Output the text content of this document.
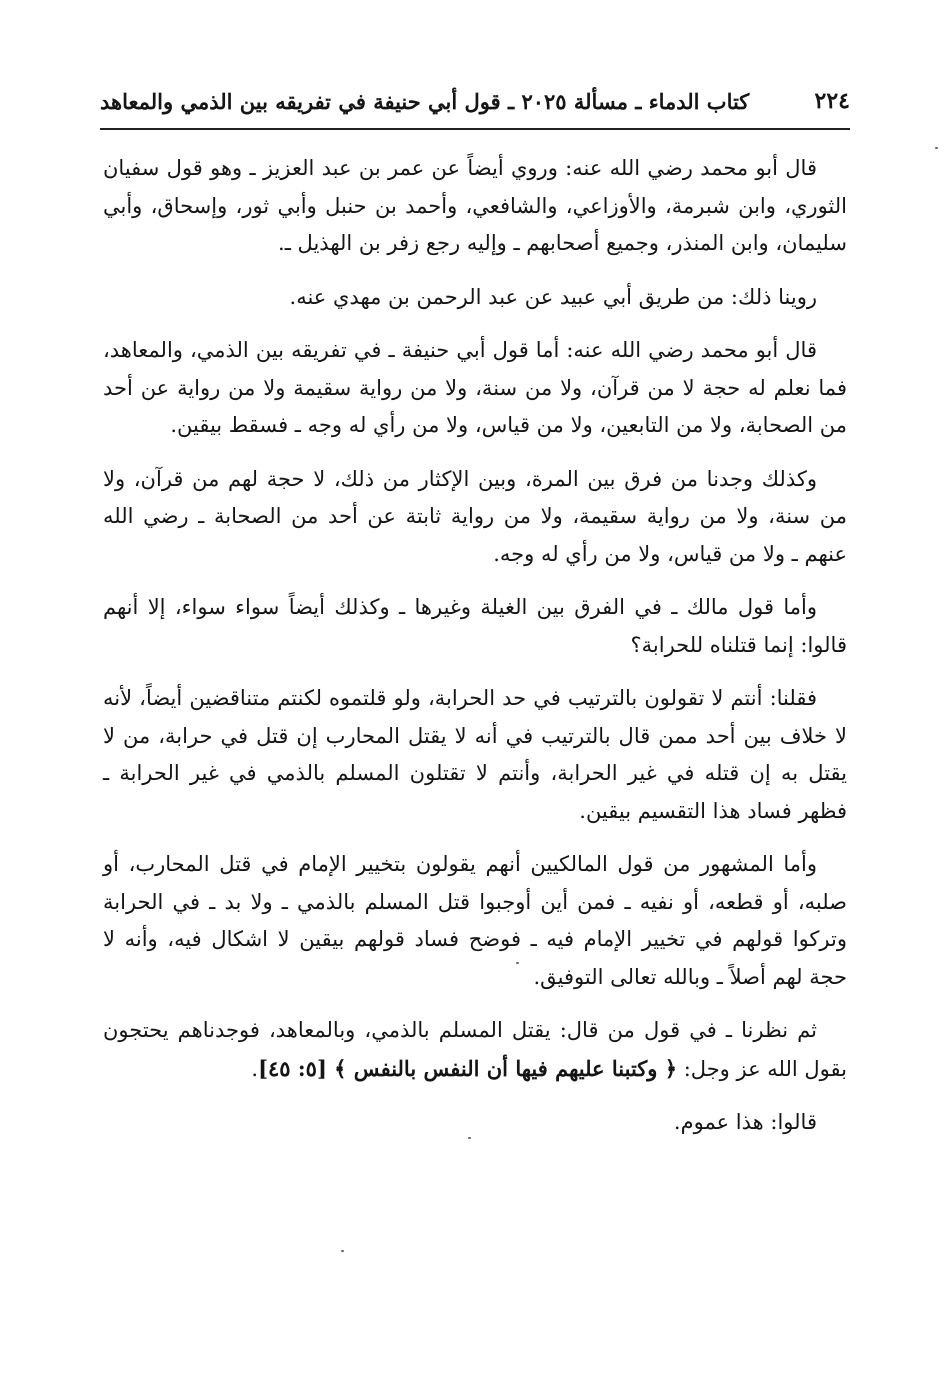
٢٢٤
كتاب الدماء ـ مسألة ٢٠٢٥ ـ قول أبي حنيفة في تفريقه بين الذمي والمعاهد

قال أبو محمد رضي الله عنه: وروي أيضاً عن عمر بن عبد العزيز ـ وهو قول سفيان الثوري، وابن شبرمة، والأوزاعي، والشافعي، وأحمد بن حنبل وأبي ثور، وإسحاق، وأبي سليمان، وابن المنذر، وجميع أصحابهم ـ وإليه رجع زفر بن الهذيل ـ.

روينا ذلك: من طريق أبي عبيد عن عبد الرحمن بن مهدي عنه.

قال أبو محمد رضي الله عنه: أما قول أبي حنيفة ـ في تفريقه بين الذمي، والمعاهد، فما نعلم له حجة لا من قرآن، ولا من سنة، ولا من رواية سقيمة ولا من رواية عن أحد من الصحابة، ولا من التابعين، ولا من قياس، ولا من رأي له وجه ـ فسقط بيقين.

وكذلك وجدنا من فرق بين المرة، وبين الإكثار من ذلك، لا حجة لهم من قرآن، ولا من سنة، ولا من رواية سقيمة، ولا من رواية ثابتة عن أحد من الصحابة ـ رضي الله عنهم ـ ولا من قياس، ولا من رأي له وجه.

وأما قول مالك ـ في الفرق بين الغيلة وغيرها ـ وكذلك أيضاً سواء سواء، إلا أنهم قالوا: إنما قتلناه للحرابة؟

فقلنا: أنتم لا تقولون بالترتيب في حد الحرابة، ولو قلتموه لكنتم متناقضين أيضاً، لأنه لا خلاف بين أحد ممن قال بالترتيب في أنه لا يقتل المحارب إن قتل في حرابة، من لا يقتل به إن قتله في غير الحرابة، وأنتم لا تقتلون المسلم بالذمي في غير الحرابة ـ فظهر فساد هذا التقسيم بيقين.

وأما المشهور من قول المالكيين أنهم يقولون بتخيير الإمام في قتل المحارب، أو صلبه، أو قطعه، أو نفيه ـ فمن أين أوجبوا قتل المسلم بالذمي ـ ولا بد ـ في الحرابة وتركوا قولهم في تخيير الإمام فيه ـ فوضح فساد قولهم بيقين لا اشكال فيه، وأنه لا حجة لهم أصلاً ـ وبالله تعالى التوفيق.

ثم نظرنا ـ في قول من قال: يقتل المسلم بالذمي، وبالمعاهد، فوجدناهم يحتجون بقول الله عز وجل: ﴿ وكتبنا عليهم فيها أن النفس بالنفس ﴾ [٥: ٤٥].

قالوا: هذا عموم.
